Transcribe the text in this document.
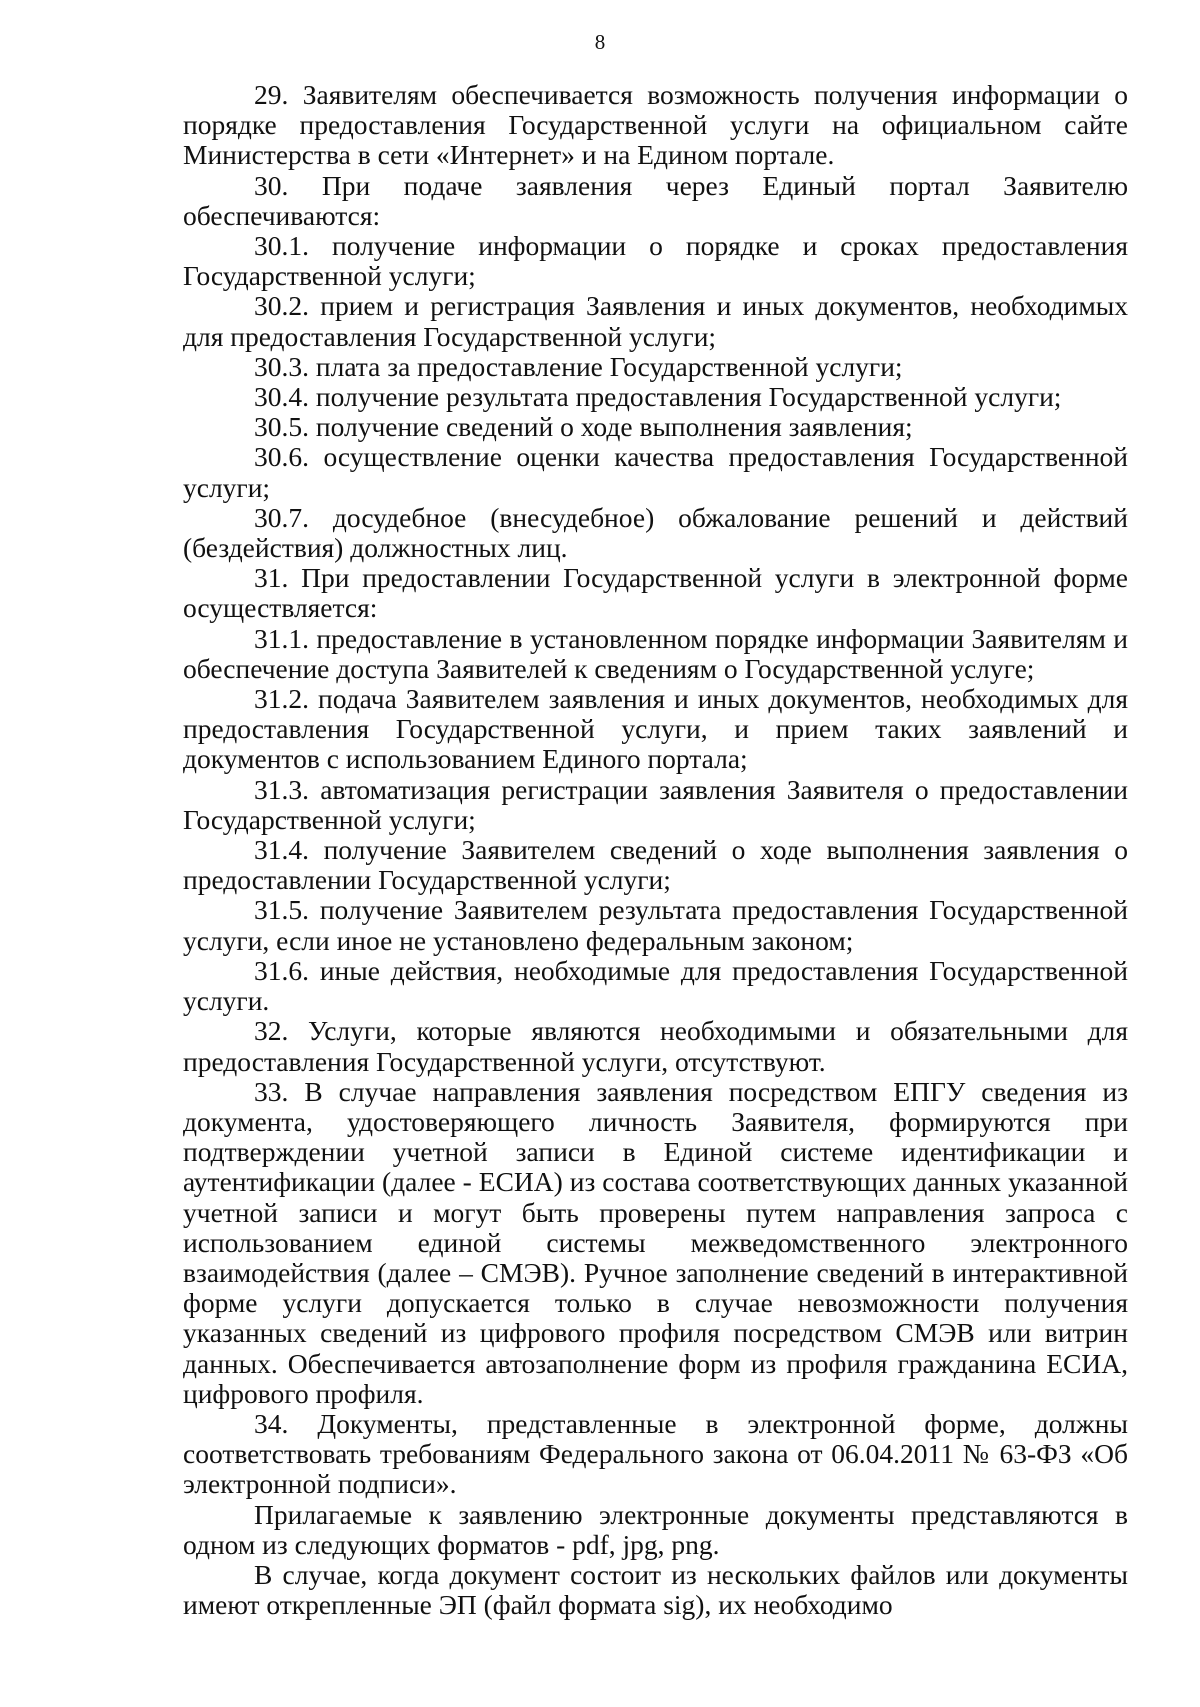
8

29. Заявителям обеспечивается возможность получения информации о порядке предоставления Государственной услуги на официальном сайте Министерства в сети «Интернет» и на Едином портале.

30. При подаче заявления через Единый портал Заявителю обеспечиваются:

30.1. получение информации о порядке и сроках предоставления Государственной услуги;

30.2. прием и регистрация Заявления и иных документов, необходимых для предоставления Государственной услуги;

30.3. плата за предоставление Государственной услуги;

30.4. получение результата предоставления Государственной услуги;

30.5. получение сведений о ходе выполнения заявления;

30.6. осуществление оценки качества предоставления Государственной услуги;

30.7. досудебное (внесудебное) обжалование решений и действий (бездействия) должностных лиц.

31. При предоставлении Государственной услуги в электронной форме осуществляется:

31.1. предоставление в установленном порядке информации Заявителям и обеспечение доступа Заявителей к сведениям о Государственной услуге;

31.2. подача Заявителем заявления и иных документов, необходимых для предоставления Государственной услуги, и прием таких заявлений и документов с использованием Единого портала;

31.3. автоматизация регистрации заявления Заявителя о предоставлении Государственной услуги;

31.4. получение Заявителем сведений о ходе выполнения заявления о предоставлении Государственной услуги;

31.5. получение Заявителем результата предоставления Государственной услуги, если иное не установлено федеральным законом;

31.6. иные действия, необходимые для предоставления Государственной услуги.

32. Услуги, которые являются необходимыми и обязательными для предоставления Государственной услуги, отсутствуют.

33. В случае направления заявления посредством ЕПГУ сведения из документа, удостоверяющего личность Заявителя, формируются при подтверждении учетной записи в Единой системе идентификации и аутентификации (далее - ЕСИА) из состава соответствующих данных указанной учетной записи и могут быть проверены путем направления запроса с использованием единой системы межведомственного электронного взаимодействия (далее – СМЭВ). Ручное заполнение сведений в интерактивной форме услуги допускается только в случае невозможности получения указанных сведений из цифрового профиля посредством СМЭВ или витрин данных. Обеспечивается автозаполнение форм из профиля гражданина ЕСИА, цифрового профиля.

34. Документы, представленные в электронной форме, должны соответствовать требованиям Федерального закона от 06.04.2011 № 63-ФЗ «Об электронной подписи».

Прилагаемые к заявлению электронные документы представляются в одном из следующих форматов - pdf, jpg, png.

В случае, когда документ состоит из нескольких файлов или документы имеют открепленные ЭП (файл формата sig), их необходимо
